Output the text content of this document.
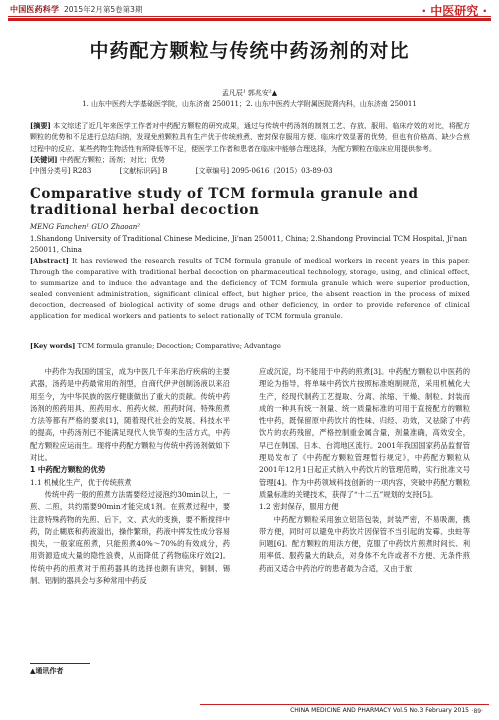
中国医药科学 2015年2月第5卷第3期	· 中医研究 ·
中药配方颗粒与传统中药汤剂的对比
孟凡辰¹ 郭兆安²▲
1. 山东中医药大学基础医学院，山东济南 250011；2. 山东中医药大学附属医院肾内科，山东济南 250011
[摘要] 本文综述了近几年来医学工作者对中药配方颗粒的研究成果，通过与传统中药汤剂的制剂工艺、存放、服用、临床疗效的对比，将配方颗粒的优势和不足进行总结归纳，发现免煎颗粒具有生产优于传统煎煮、密封保存服用方便、临床疗效显著的优势，但也有价格高、缺少合煎过程中的反应、某些药物生物活性有所降低等不足，便医学工作者和患者在临床中能够合理选择，为配方颗粒在临床应用提供参考。
[关键词] 中药配方颗粒；汤剂；对比；优势
[中图分类号] R283	[文献标识码] B	[文章编号] 2095-0616（2015）03-89-03
Comparative study of TCM formula granule and traditional herbal decoction
MENG Fanchen¹ GUO Zhaoan²
1.Shandong University of Traditional Chinese Medicine, Ji'nan 250011, China; 2.Shandong Provincial TCM Hospital, Ji'nan 250011, China
[Abstract] It has reviewed the research results of TCM formula granule of medical workers in recent years in this paper. Through the comparative with traditional herbal decoction on pharmaceutical technology, storage, using, and clinical effect, to summarize and to induce the advantage and the deficiency of TCM formula granule which were superior production, sealed convenient administration, significant clinical effect, but higher price, the absent reaction in the process of mixed decoction, decreased of biological activity of some drugs and other deficiency, in order to provide reference of clinical application for medical workers and patients to select rationally of TCM formula granule.
[Key words] TCM formula granule; Decoction; Comparative; Advantage

中药作为我国的国宝，成为中医几千年来治疗疾病的主要武器，汤药是中药最常用的剂型，自商代伊尹创制汤液以来沿用至今，为中华民族的医疗健康做出了重大的贡献。传统中药汤剂的煎药用具、煎药用水、煎药火候、煎药时间、特殊煎煮方法等都有严格的要求[1]，随着现代社会的发展、科技水平的提高，中药汤剂已不能满足现代人快节奏的生活方式，中药配方颗粒应运而生。现将中药配方颗粒与传统中药汤剂做如下对比。

1 中药配方颗粒的优势

1.1 机械化生产，优于传统煎煮

传统中药一般的煎煮方法需要经过浸泡约30min以上，一煎、二煎，共约需要90min才能完成1剂。在煎煮过程中，要注意特殊药物的先煎、后下，文、武火的变换，要不断搅拌中药，防止糊底和药液溢出，操作繁琐，药液中挥发性成分容易损失，一般家庭煎煮，只能煎煮40%～70%的有效成分，药用资源造成大量的隐性浪费，从而降低了药物临床疗效[2]。传统中药的煎煮对于煎药器具的选择也颇有讲究，铜制、锡制、铝制的器具会与多种常用中药反

应或沉淀，均不能用于中药的煎煮[3]。中药配方颗粒以中医药的理论为指导，将单味中药饮片按照标准炮制规范，采用机械化大生产，经现代制药工艺提取、分离、浓缩、干燥、制粒、封装而成的一种具有统一剂量、统一质量标准的可用于直接配方的颗粒性中药，既保留原中药饮片的性味、归经、功效，又祛除了中药饮片的农药残留，严格控制重金属含量，剂量准确，高效安全，早已在韩国、日本、台湾地区流行。2001年我国国家药品监督管理局发布了《中药配方颗粒管理暂行规定》，中药配方颗粒从2001年12月1日起正式纳入中药饮片的管理范畴，实行批准文号管理[4]。作为中药领域科技创新的一项内容，突破中药配方颗粒质量标准的关键技术，获得了“十二五”规划的支持[5]。

1.2 密封保存，服用方便

中药配方颗粒采用独立铝箔包装，封装严密，不易吸潮，携带方便，同时可以避免中药饮片因保管不当引起的发霉、虫蛀等问题[6]。配方颗粒的用法方便，克服了中药饮片煎煮时间长、利用率低、服药量大的缺点，对身体不允许或者不方便、无条件煎药而又适合中药治疗的患者最为合适，又由于旅

▲通讯作者
CHINA MEDICINE AND PHARMACY Vol.5 No.3 February 2015 ·89·
